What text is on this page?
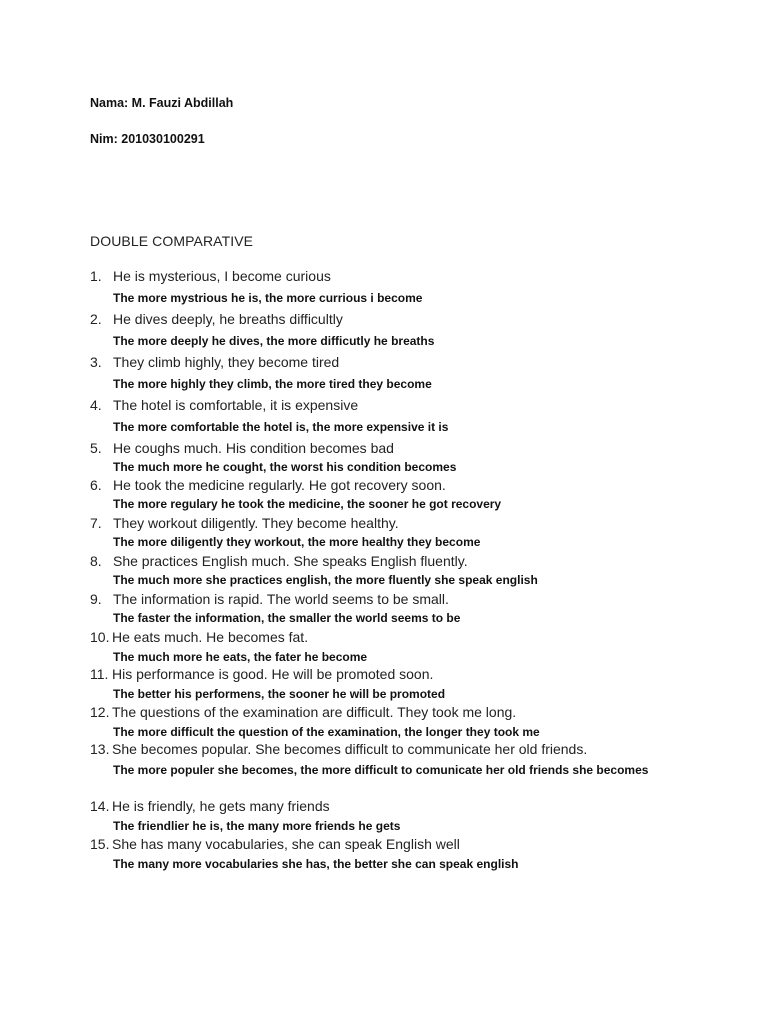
Nama: M. Fauzi Abdillah
Nim: 201030100291
DOUBLE COMPARATIVE
1. He is mysterious, I become curious
The more mystrious he is, the more currious i become
2. He dives deeply, he breaths difficultly
The more deeply he dives, the more difficutly he breaths
3. They climb highly, they become tired
The more highly they climb, the more tired they become
4. The hotel is comfortable, it is expensive
The more comfortable the hotel is, the more expensive it is
5. He coughs much. His condition becomes bad
The much more he cought, the worst his condition becomes
6. He took the medicine regularly. He got recovery soon.
The more regulary he took the medicine, the sooner he got recovery
7. They workout diligently. They become healthy.
The more diligently they workout, the more healthy they become
8. She practices English much. She speaks English fluently.
The much more she practices english, the more fluently she speak english
9. The information is rapid. The world seems to be small.
The faster the information, the smaller the world seems to be
10. He eats much. He becomes fat.
The much more he eats, the fater he become
11. His performance is good. He will be promoted soon.
The better his performens, the sooner he will be promoted
12. The questions of the examination are difficult. They took me long.
The more difficult the question of the examination, the longer they took me
13. She becomes popular. She becomes difficult to communicate her old friends.
The more populer she becomes, the more difficult to comunicate her old friends she becomes
14. He is friendly, he gets many friends
The friendlier he is, the many more friends he gets
15. She has many vocabularies, she can speak English well
The many more vocabularies she has, the better she can speak english
